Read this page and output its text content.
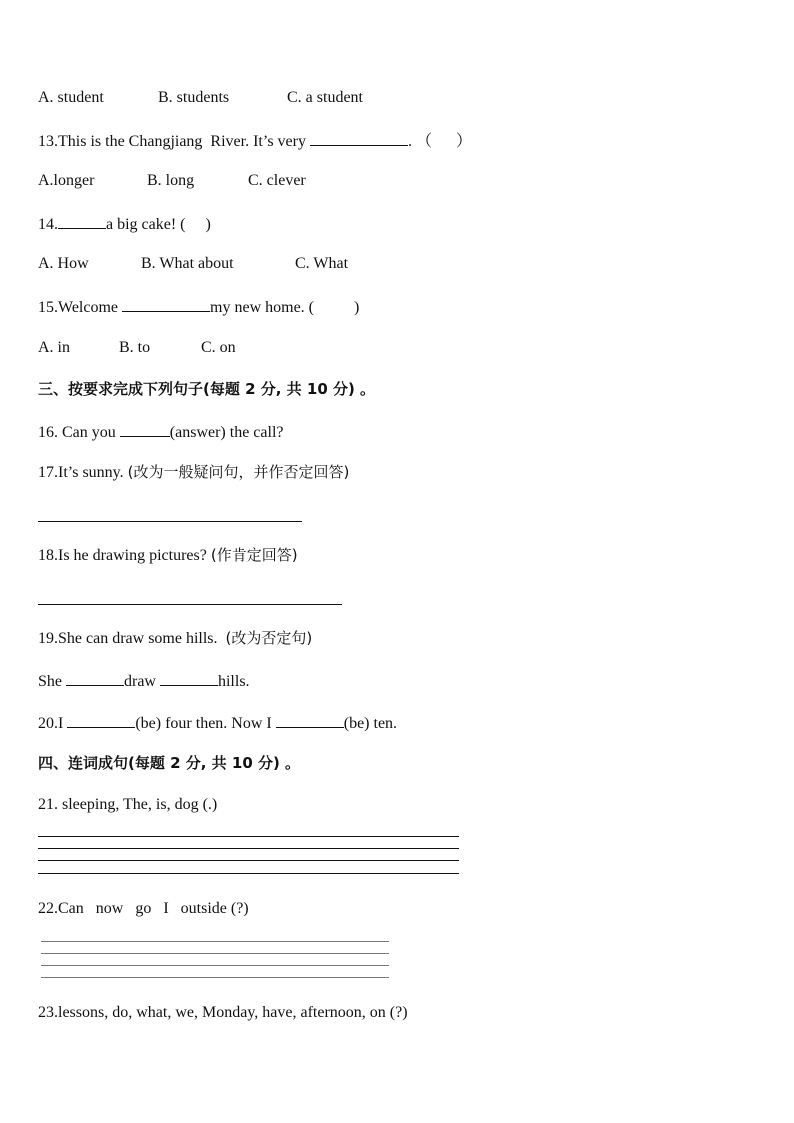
A. student	B. students	C. a student
13.This is the Changjiang  River. It’s very	. （      ）
A.longer	B. long	C. clever
14.	a big cake! (     )
A. How	B. What about	C. What
15.Welcome	my new home. (          )
A. in	B. to	C. on
三、按要求完成下列句子(每题 2 分, 共 10 分) 。
16. Can you	(answer) the call?
17.It’s sunny. (改为一般疑问句，并作否定回答)
18.Is he drawing pictures? (作肯定回答)
19.She can draw some hills.  (改为否定句)
She	draw	hills.
20.I	(be) four then. Now I	(be) ten.
四、连词成句(每题 2 分, 共 10 分) 。
21. sleeping, The, is, dog (.)
22.Can   now   go   I   outside (?)
23.lessons, do, what, we, Monday, have, afternoon, on (?)
